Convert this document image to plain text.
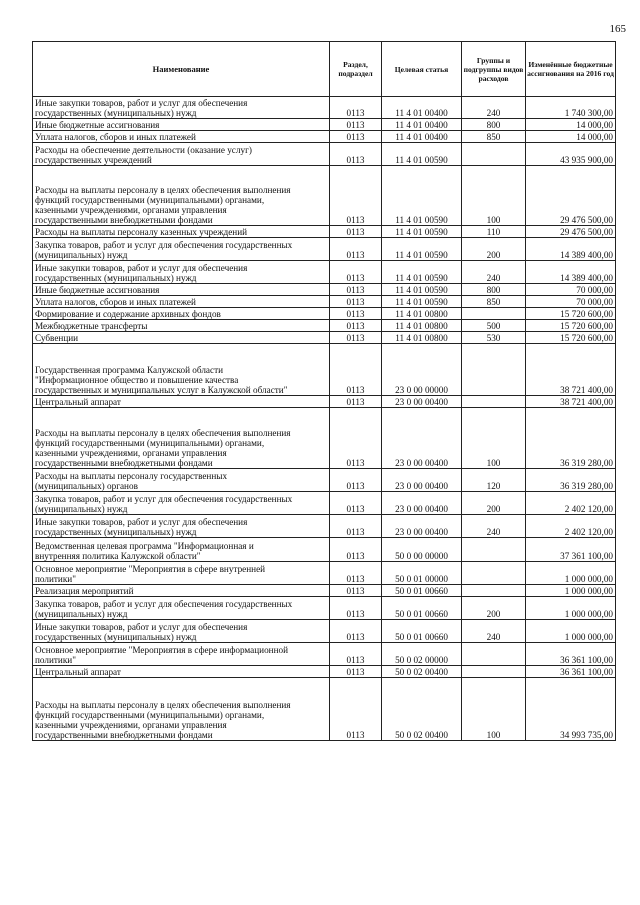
165
Наименование	Раздел, подраздел	Целевая статья	Группы и подгруппы видов расходов	Изменённые бюджетные ассигнования на 2016 год
Иные закупки товаров, работ и услуг для обеспечения
государственных (муниципальных) нужд	0113	11 4 01 00400	240	1 740 300,00
Иные бюджетные ассигнования	0113	11 4 01 00400	800	14 000,00
Уплата налогов, сборов и иных платежей	0113	11 4 01 00400	850	14 000,00
Расходы на обеспечение деятельности (оказание услуг)
государственных учреждений	0113	11 4 01 00590		43 935 900,00
Расходы на выплаты персоналу в целях обеспечения выполнения
функций государственными (муниципальными) органами,
казенными учреждениями, органами управления
государственными внебюджетными фондами	0113	11 4 01 00590	100	29 476 500,00
Расходы на выплаты персоналу казенных учреждений	0113	11 4 01 00590	110	29 476 500,00
Закупка товаров, работ и услуг для обеспечения государственных
(муниципальных) нужд	0113	11 4 01 00590	200	14 389 400,00
Иные закупки товаров, работ и услуг для обеспечения
государственных (муниципальных) нужд	0113	11 4 01 00590	240	14 389 400,00
Иные бюджетные ассигнования	0113	11 4 01 00590	800	70 000,00
Уплата налогов, сборов и иных платежей	0113	11 4 01 00590	850	70 000,00
Формирование и содержание архивных фондов	0113	11 4 01 00800		15 720 600,00
Межбюджетные трансферты	0113	11 4 01 00800	500	15 720 600,00
Субвенции	0113	11 4 01 00800	530	15 720 600,00
Государственная программа Калужской области
"Информационное общество и повышение качества
государственных и муниципальных услуг в Калужской области"	0113	23 0 00 00000		38 721 400,00
Центральный аппарат	0113	23 0 00 00400		38 721 400,00
Расходы на выплаты персоналу в целях обеспечения выполнения
функций государственными (муниципальными) органами,
казенными учреждениями, органами управления
государственными внебюджетными фондами	0113	23 0 00 00400	100	36 319 280,00
Расходы на выплаты персоналу государственных
(муниципальных) органов	0113	23 0 00 00400	120	36 319 280,00
Закупка товаров, работ и услуг для обеспечения государственных
(муниципальных) нужд	0113	23 0 00 00400	200	2 402 120,00
Иные закупки товаров, работ и услуг для обеспечения
государственных (муниципальных) нужд	0113	23 0 00 00400	240	2 402 120,00
Ведомственная целевая программа "Информационная и
внутренняя политика Калужской области"	0113	50 0 00 00000		37 361 100,00
Основное мероприятие "Мероприятия в сфере внутренней
политики"	0113	50 0 01 00000		1 000 000,00
Реализация мероприятий	0113	50 0 01 00660		1 000 000,00
Закупка товаров, работ и услуг для обеспечения государственных
(муниципальных) нужд	0113	50 0 01 00660	200	1 000 000,00
Иные закупки товаров, работ и услуг для обеспечения
государственных (муниципальных) нужд	0113	50 0 01 00660	240	1 000 000,00
Основное мероприятие "Мероприятия в сфере информационной
политики"	0113	50 0 02 00000		36 361 100,00
Центральный аппарат	0113	50 0 02 00400		36 361 100,00
Расходы на выплаты персоналу в целях обеспечения выполнения
функций государственными (муниципальными) органами,
казенными учреждениями, органами управления
государственными внебюджетными фондами	0113	50 0 02 00400	100	34 993 735,00
